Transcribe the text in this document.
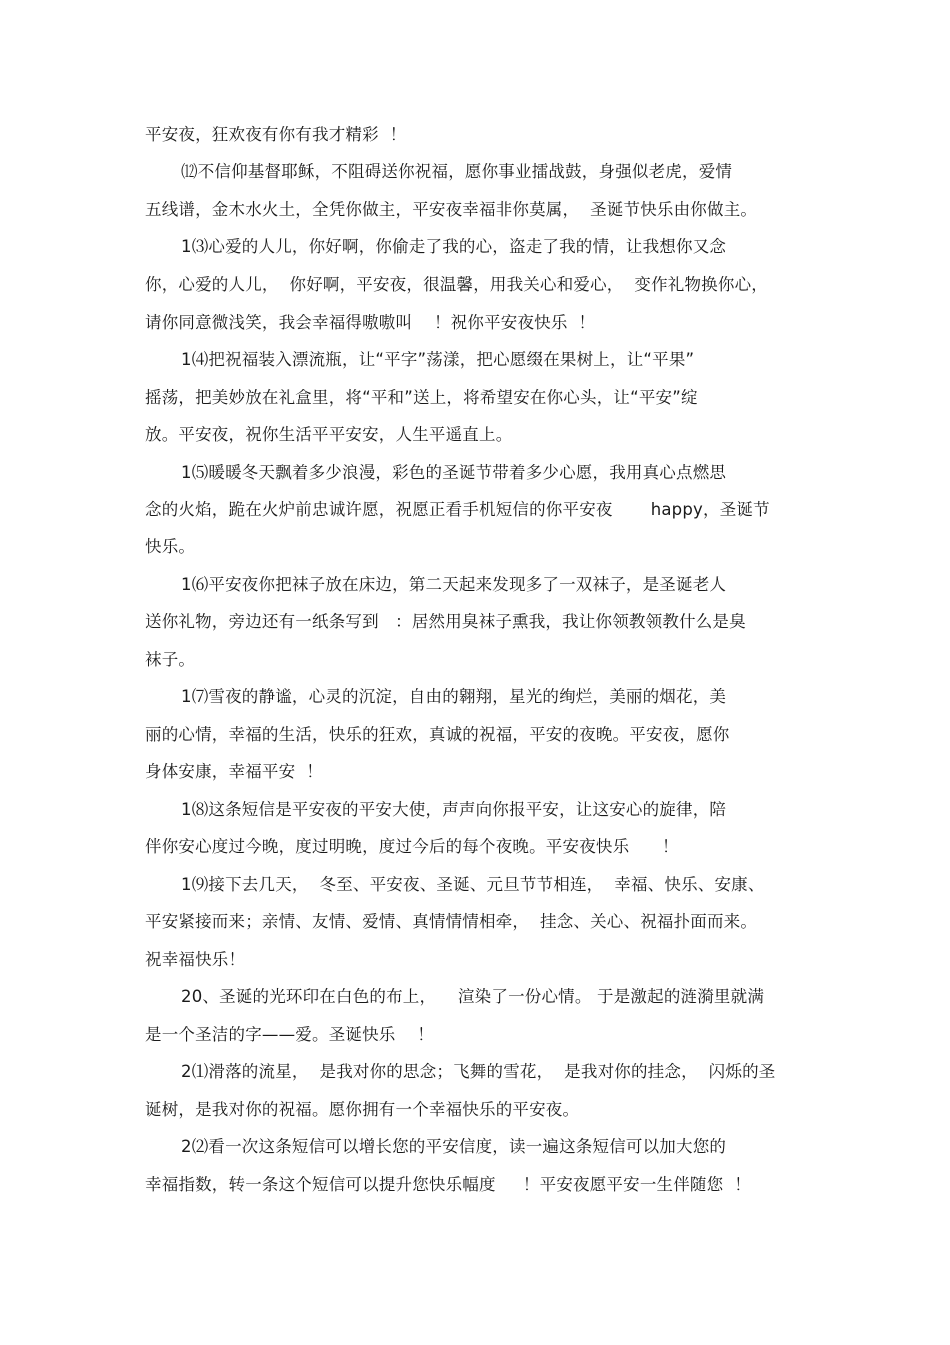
平安夜，狂欢夜有你有我才精彩  ！
⑿不信仰基督耶稣，不阻碍送你祝福，愿你事业擂战鼓，身强似老虎，爱情
五线谱，金木水火土，全凭你做主，平安夜幸福非你莫属，  圣诞节快乐由你做主。
1⑶心爱的人儿，你好啊，你偷走了我的心，盗走了我的情，让我想你又念
你，心爱的人儿，  你好啊，平安夜，很温馨，用我关心和爱心，  变作礼物换你心，
请你同意微浅笑，我会幸福得嗷嗷叫    ！祝你平安夜快乐  ！
1⑷把祝福装入漂流瓶，让“平字”荡漾，把心愿缀在果树上，让“平果”
摇荡，把美妙放在礼盒里，将“平和”送上，将希望安在你心头，让“平安”绽
放。平安夜，祝你生活平平安安，人生平遥直上。
1⑸暖暖冬天飘着多少浪漫，彩色的圣诞节带着多少心愿，我用真心点燃思
念的火焰，跪在火炉前忠诚许愿，祝愿正看手机短信的你平安夜       happy，圣诞节
快乐。
1⑹平安夜你把袜子放在床边，第二天起来发现多了一双袜子，是圣诞老人
送你礼物，旁边还有一纸条写到   ：居然用臭袜子熏我，我让你领教领教什么是臭
袜子。
1⑺雪夜的静谧，心灵的沉淀，自由的翱翔，星光的绚烂，美丽的烟花，美
丽的心情，幸福的生活，快乐的狂欢，真诚的祝福，平安的夜晚。平安夜，愿你
身体安康，幸福平安  ！
1⑻这条短信是平安夜的平安大使，声声向你报平安，让这安心的旋律，陪
伴你安心度过今晚，度过明晚，度过今后的每个夜晚。平安夜快乐      ！
1⑼接下去几天，  冬至、平安夜、圣诞、元旦节节相连，  幸福、快乐、安康、
平安紧接而来；亲情、友情、爱情、真情情情相牵，  挂念、关心、祝福扑面而来。
祝幸福快乐！
20、圣诞的光环印在白色的布上，    渲染了一份心情。 于是激起的涟漪里就满
是一个圣洁的字——爱。圣诞快乐    ！
2⑴滑落的流星，  是我对你的思念；飞舞的雪花，  是我对你的挂念，  闪烁的圣
诞树，是我对你的祝福。愿你拥有一个幸福快乐的平安夜。
2⑵看一次这条短信可以增长您的平安信度，读一遍这条短信可以加大您的
幸福指数，转一条这个短信可以提升您快乐幅度     ！平安夜愿平安一生伴随您  ！
